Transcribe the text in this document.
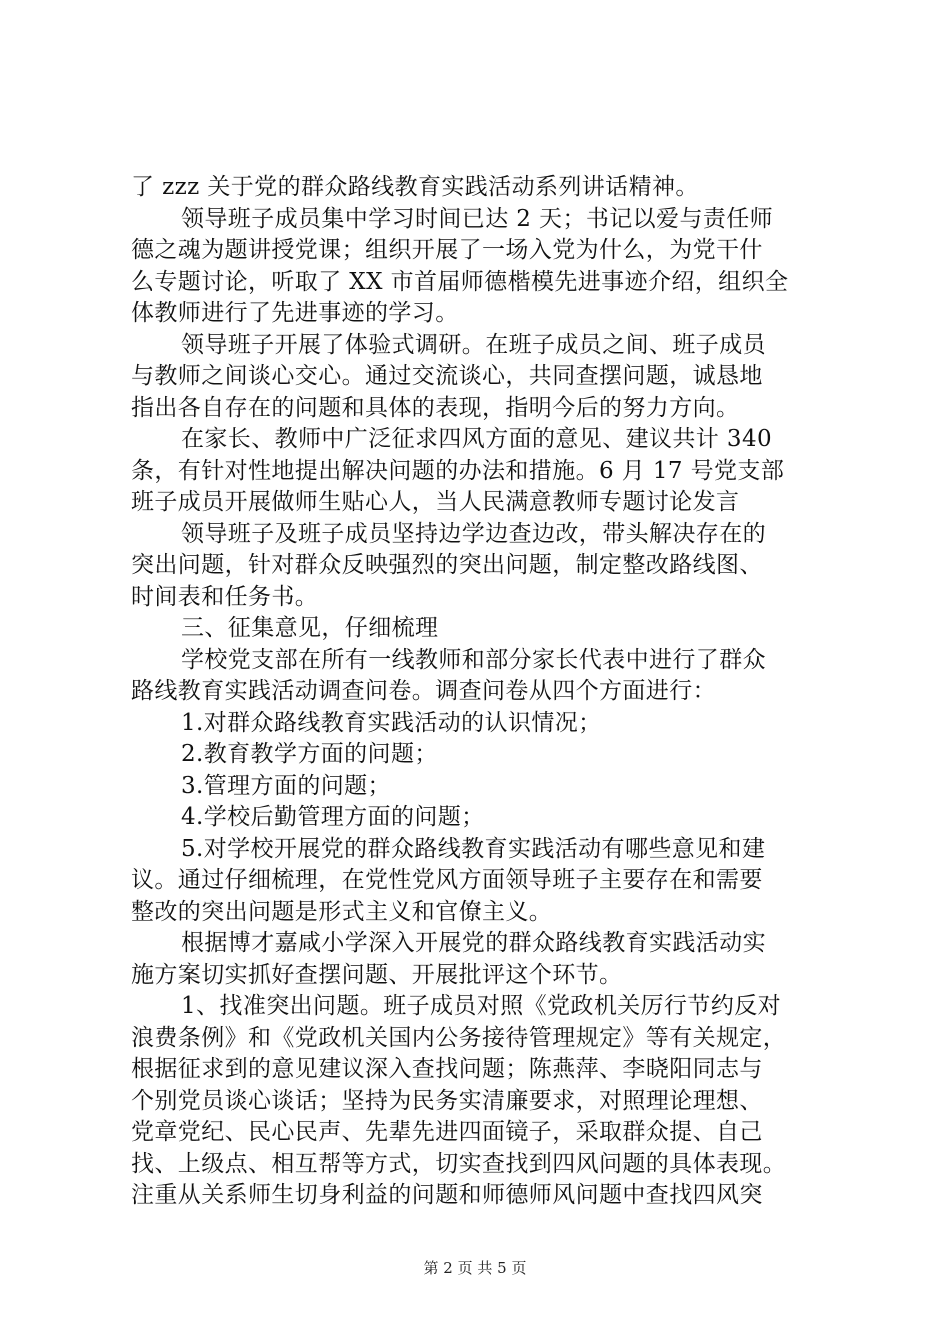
了 zzz 关于党的群众路线教育实践活动系列讲话精神。
领导班子成员集中学习时间已达 2 天；书记以爱与责任师
德之魂为题讲授党课；组织开展了一场入党为什么，为党干什
么专题讨论，听取了 XX 市首届师德楷模先进事迹介绍，组织全
体教师进行了先进事迹的学习。
领导班子开展了体验式调研。在班子成员之间、班子成员
与教师之间谈心交心。通过交流谈心，共同查摆问题，诚恳地
指出各自存在的问题和具体的表现，指明今后的努力方向。
在家长、教师中广泛征求四风方面的意见、建议共计 340
条，有针对性地提出解决问题的办法和措施。6 月 17 号党支部
班子成员开展做师生贴心人，当人民满意教师专题讨论发言
领导班子及班子成员坚持边学边查边改，带头解决存在的
突出问题，针对群众反映强烈的突出问题，制定整改路线图、
时间表和任务书。
三、征集意见，仔细梳理
学校党支部在所有一线教师和部分家长代表中进行了群众
路线教育实践活动调查问卷。调查问卷从四个方面进行：
1.对群众路线教育实践活动的认识情况；
2.教育教学方面的问题；
3.管理方面的问题；
4.学校后勤管理方面的问题；
5.对学校开展党的群众路线教育实践活动有哪些意见和建
议。通过仔细梳理，在党性党风方面领导班子主要存在和需要
整改的突出问题是形式主义和官僚主义。
根据博才嘉咸小学深入开展党的群众路线教育实践活动实
施方案切实抓好查摆问题、开展批评这个环节。
1、找准突出问题。班子成员对照《党政机关厉行节约反对
浪费条例》和《党政机关国内公务接待管理规定》等有关规定，
根据征求到的意见建议深入查找问题；陈燕萍、李晓阳同志与
个别党员谈心谈话；坚持为民务实清廉要求，对照理论理想、
党章党纪、民心民声、先辈先进四面镜子，采取群众提、自己
找、上级点、相互帮等方式，切实查找到四风问题的具体表现。
注重从关系师生切身利益的问题和师德师风问题中查找四风突
第 2 页 共 5 页
